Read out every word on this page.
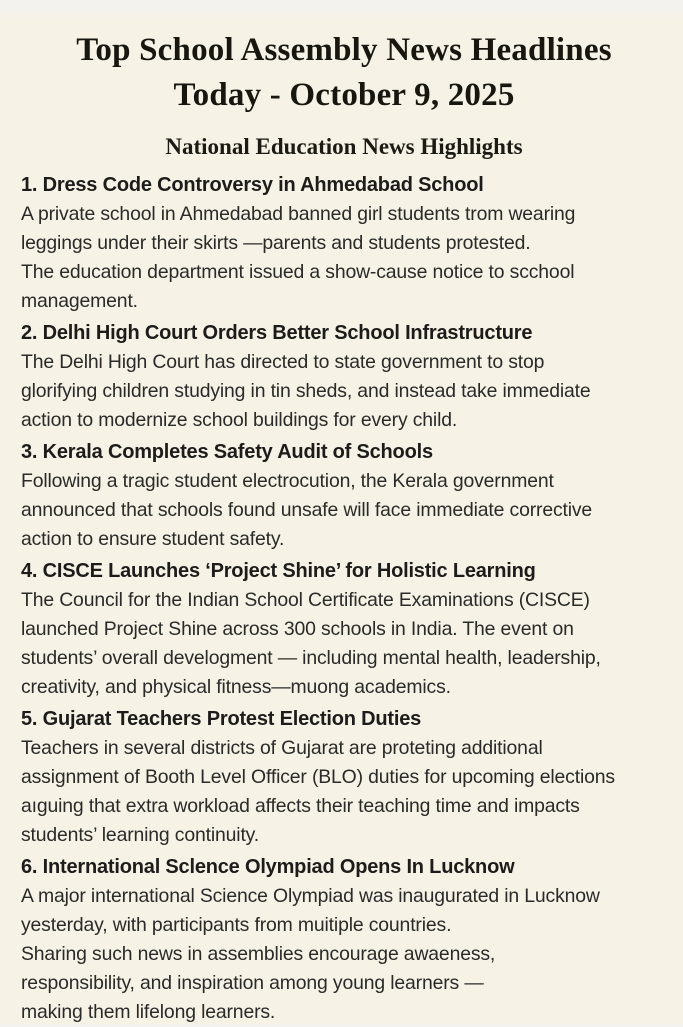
Top School Assembly News Headlines
Today - October 9, 2025
National Education News Highlights
1. Dress Code Controversy in Ahmedabad School
A private school in Ahmedabad banned girl students trom wearing
leggings under their skirts —parents and students protested.
The education department issued a show-cause notice to scchool
management.
2. Delhi High Court Orders Better School Infrastructure
The Delhi High Court has directed to state government to stop
glorifying children studying in tin sheds, and instead take immediate
action to modernize school buildings for every child.
3. Kerala Completes Safety Audit of Schools
Following a tragic student electrocution, the Kerala government
announced that schools found unsafe will face immediate corrective
action to ensure student safety.
4. CISCE Launches ‘Project Shine’ for Holistic Learning
The Council for the Indian School Certificate Examinations (CISCE)
launched Project Shine across 300 schools in India. The event on
students’ overall develogment — including mental health, leadership,
creativity, and physical fitness—muong academics.
5. Gujarat Teachers Protest Election Duties
Teachers in several districts of Gujarat are proteting additional
assignment of Booth Level Officer (BLO) duties for upcoming elections
aıguing that extra workload affects their teaching time and impacts
students’ learning continuity.
6. International Sclence Olympiad Opens In Lucknow
A major international Science Olympiad was inaugurated in Lucknow
yesterday, with participants from muitiple countries.
Sharing such news in assemblies encourage awaeness,
responsibility, and inspiration among young learners —
making them lifelong learners.
